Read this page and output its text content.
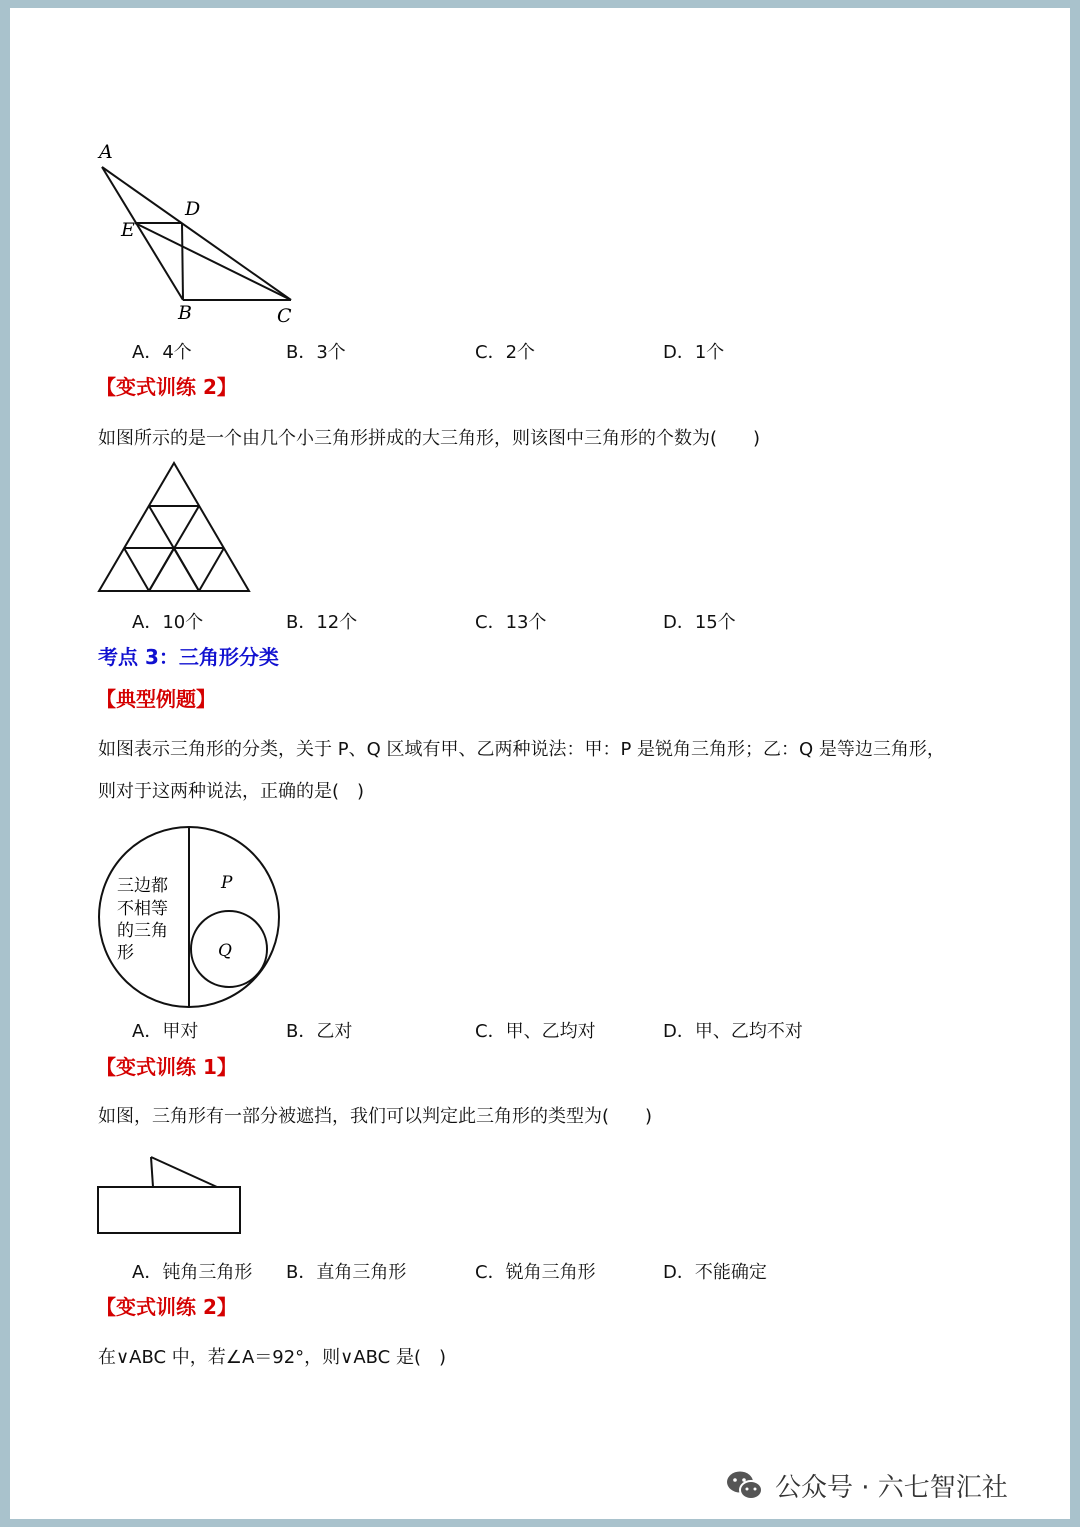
A
D
E
B	C
A．4个	B．3个	C．2个	D．1个
【变式训练 2】
如图所示的是一个由几个小三角形拼成的大三角形，则该图中三角形的个数为(　　)
A．10个	B．12个	C．13个	D．15个
考点 3：三角形分类
【典型例题】
如图表示三角形的分类，关于 P、Q 区域有甲、乙两种说法：甲：P 是锐角三角形；乙：Q 是等边三角形，
则对于这两种说法，正确的是(　)
三边都
不相等
的三角
形
P
Q
A．甲对	B．乙对	C．甲、乙均对	D．甲、乙均不对
【变式训练 1】
如图，三角形有一部分被遮挡，我们可以判定此三角形的类型为(　　)
A．钝角三角形 B．直角三角形	C．锐角三角形	D．不能确定
【变式训练 2】
在∨ABC 中，若∠A＝92°，则∨ABC 是(　)
公众号 · 六七智汇社
